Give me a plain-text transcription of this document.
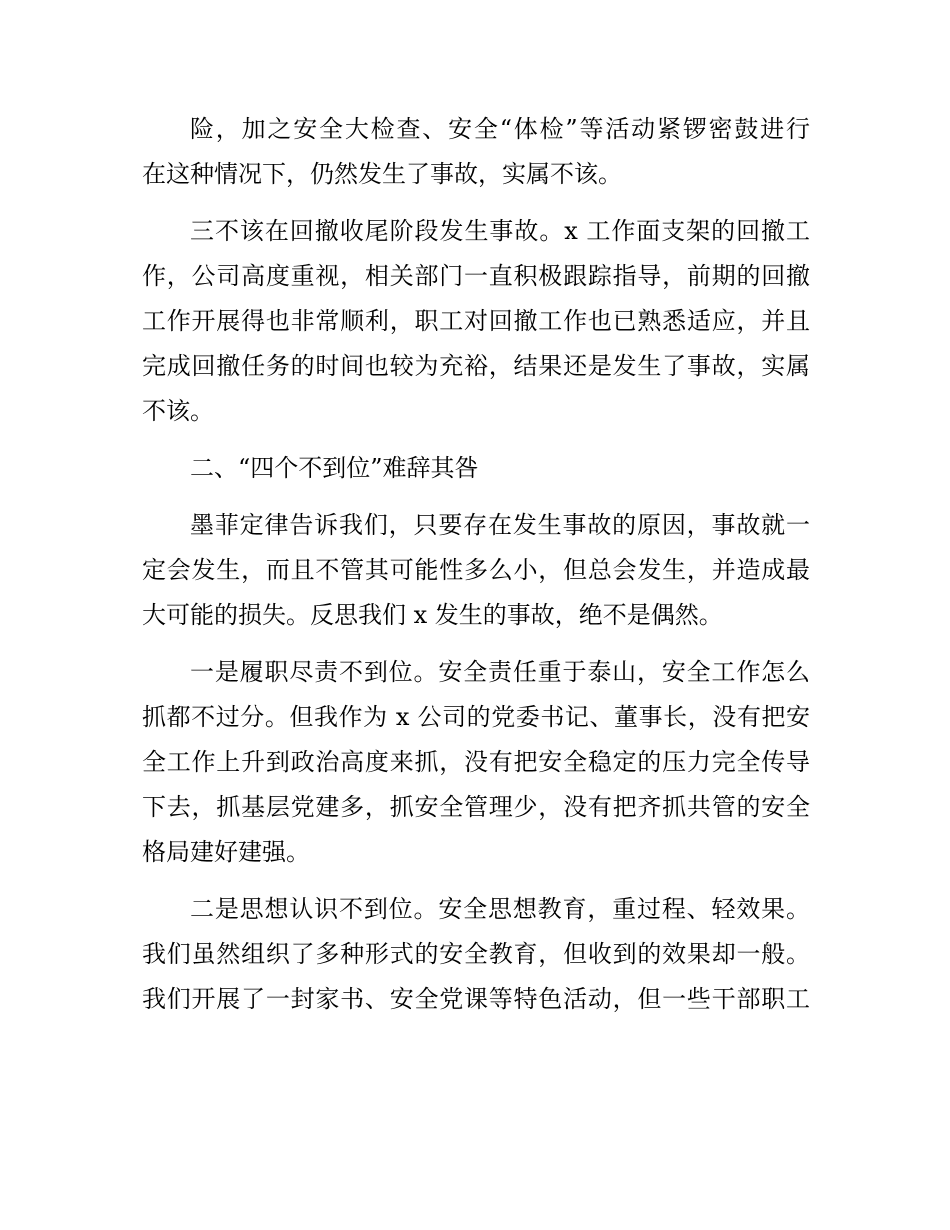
险，加之安全大检查、安全“体检”等活动紧锣密鼓进行
在这种情况下，仍然发生了事故，实属不该。
三不该在回撤收尾阶段发生事故。x 工作面支架的回撤工
作，公司高度重视，相关部门一直积极跟踪指导，前期的回撤
工作开展得也非常顺利，职工对回撤工作也已熟悉适应，并且
完成回撤任务的时间也较为充裕，结果还是发生了事故，实属
不该。
二、“四个不到位”难辞其咎
墨菲定律告诉我们，只要存在发生事故的原因，事故就一
定会发生，而且不管其可能性多么小，但总会发生，并造成最
大可能的损失。反思我们 x 发生的事故，绝不是偶然。
一是履职尽责不到位。安全责任重于泰山，安全工作怎么
抓都不过分。但我作为 x 公司的党委书记、董事长，没有把安
全工作上升到政治高度来抓，没有把安全稳定的压力完全传导
下去，抓基层党建多，抓安全管理少，没有把齐抓共管的安全
格局建好建强。
二是思想认识不到位。安全思想教育，重过程、轻效果。
我们虽然组织了多种形式的安全教育，但收到的效果却一般。
我们开展了一封家书、安全党课等特色活动，但一些干部职工
